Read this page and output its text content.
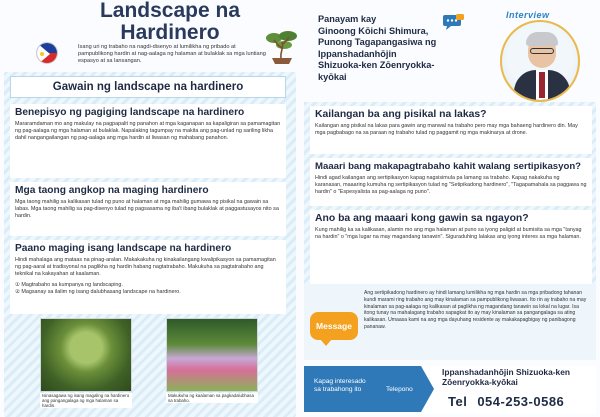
Landscape na
Hardinero
Isang uri ng trabaho na nagdi-disenyo at lumilikha ng pribado at pampublikong hardin at nag-aalaga ng halaman at bulaklak sa mga luntiang espasyo at sa lansangan.
Gawain ng landscape na hardinero
Benepisyo ng pagiging landscape na hardinero
Mararamdaman mo ang makulay na pagpapalit ng panahon at mga kaganapan sa kapaligiran sa pamamagitan ng pag-aalaga ng mga halaman at bulaklak. Napalaking tagumpay na makita ang pag-unlad ng sariling likha dahil nangangailangan ng pag-aalaga ang mga hardin at liwasan ng mahabang panahon.
Mga taong angkop na maging hardinero
Mga taong mahilig sa kalikasan tulad ng puno at halaman at mga mahilig gumawa ng pisikal na gawain sa labas. Mga taong mahilig sa pag-disenyo tulad ng pagsasama ng iba't ibang bulaklak at paggastusayos nito sa hardin.
Paano maging isang landscape na hardinero
Hindi mahalaga ang mataas na pinag-aralan. Makakakuha ng kinakailangang kwalipikasyon sa pamamagitan ng pag-aaral at tradisyonal na paglikha ng hardin habang nagtatrabaho. Makukuha sa pagtatrabaho ang teknikal na kakayahan at kaalaman.
① Magtrabaho sa kumpanya ng landscaping.
② Magsanay sa ilalim ng isang dalubhasang landscape na hardinero.
Isinasagawa ng isang magaling na hardinero ang pangangalaga ng mga halaman sa hardin.
Makukuha ng kaalaman sa pagkadalubhasa sa trabaho.
Panayam kay
Ginoong Kōichi Shimura,
Punong Tagapangasiwa ng
Ippanshadanhōjin
Shizuoka-ken Zōenryokka-
kyōkai
Interview
Kailangan ba ang pisikal na lakas?
Kailangan ang pisikal na lakas para gawin ang manwal na trabaho pero may mga bahaeng hardinero din. May mga pagbabago na sa paraan ng trabaho tulad ng paggamit ng mga makinarya at drone.
Maaari bang makapagtrabaho kahit walang sertipikasyon?
Hindi agad kailangan ang sertipikasyon kapag nagsisimula pa lamang sa trabaho. Kapag nakakuha ng karanasan, maaaring kumuha ng sertipikasyon tulad ng "Setipikadong hardinero", "Tagapamahala sa paggawa ng hardin" o "Espesyalista sa pag-aalaga ng puno".
Ano ba ang maaari kong gawin sa ngayon?
Kung mahilig ka sa kalikasan, alamin mo ang mga halaman at puno sa iyong paligid at bumisita sa mga "tanyag na hardin" o "mga lugar na may magandang tanawin". Siguraduhing lalakas ang iyong interes sa mga halaman.
Message
Ang sertipikadong hardinero ay hindi lamang lumilikha ng mga hardin sa mga pribadong tahanan kundi marami ring trabaho ang may kinalaman sa pampublikong liwasan. Ito rin ay trabaho na may kinalaman sa pag-aalaga ng kalikasan at paglikha ng magandang tanawin sa lokal na lugar. Isa itong tunay na mahalagang trabaho sapagkat ito ay may kinalaman sa pangangalaga sa ating kalikasan. Umaasa kami na ang mga dayuhang residente ay makakapagbigay ng panibagong pananaw.
Kapag interesado sa trabahong ito	Telepono
Ippanshadanhōjin Shizuoka-ken
Zōenryokka-kyōkai
Tel 054-253-0586
